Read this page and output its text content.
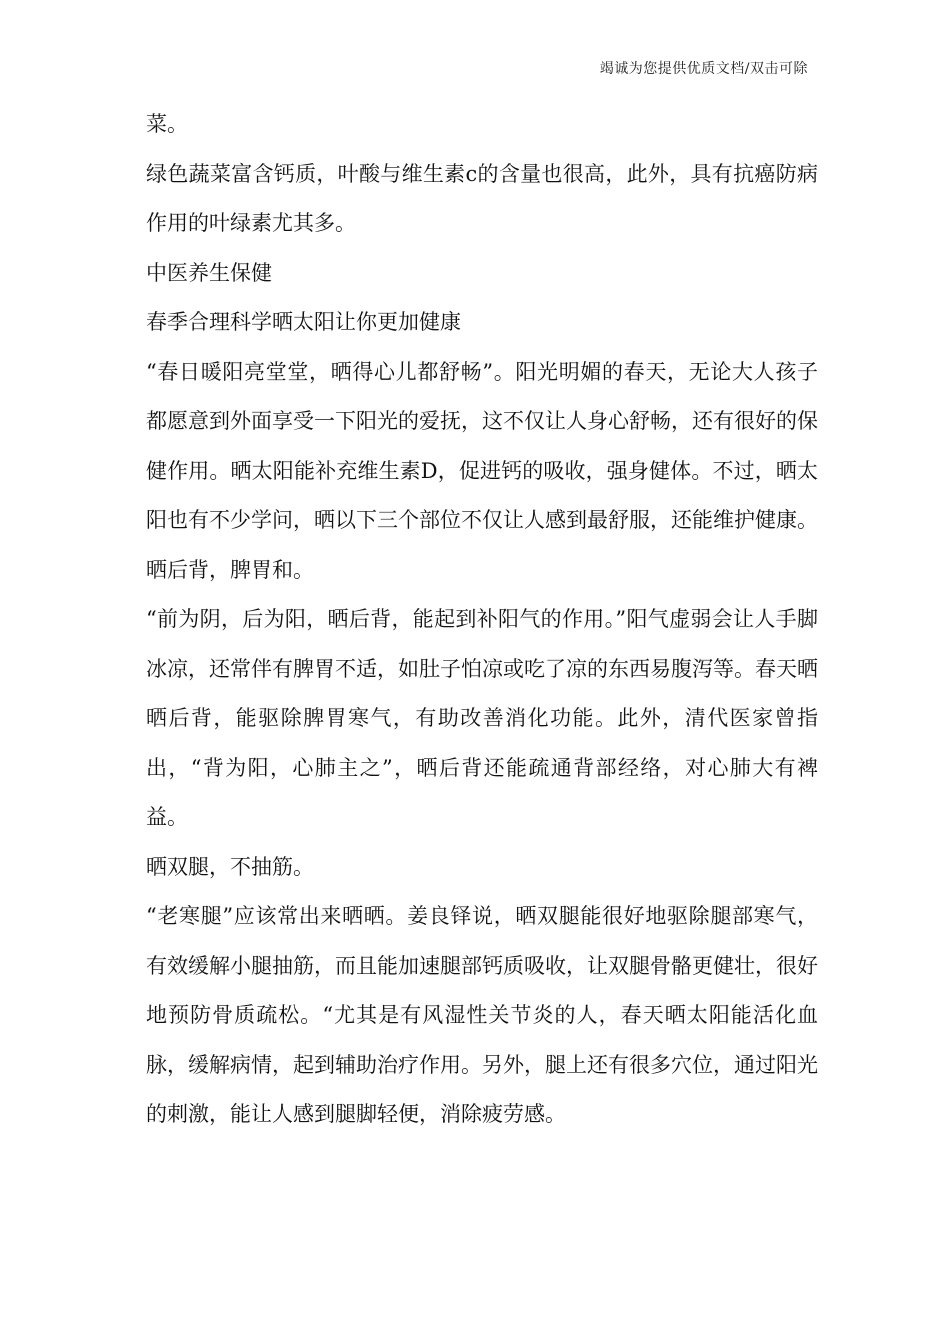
竭诚为您提供优质文档/双击可除

菜。

绿色蔬菜富含钙质，叶酸与维生素c的含量也很高，此外，具有抗癌防病作用的叶绿素尤其多。

中医养生保健

春季合理科学晒太阳让你更加健康

“春日暖阳亮堂堂，晒得心儿都舒畅”。阳光明媚的春天，无论大人孩子都愿意到外面享受一下阳光的爱抚，这不仅让人身心舒畅，还有很好的保健作用。晒太阳能补充维生素D，促进钙的吸收，强身健体。不过，晒太阳也有不少学问，晒以下三个部位不仅让人感到最舒服，还能维护健康。

晒后背，脾胃和。

“前为阴，后为阳，晒后背，能起到补阳气的作用。”阳气虚弱会让人手脚冰凉，还常伴有脾胃不适，如肚子怕凉或吃了凉的东西易腹泻等。春天晒晒后背，能驱除脾胃寒气，有助改善消化功能。此外，清代医家曾指出，“背为阳，心肺主之”，晒后背还能疏通背部经络，对心肺大有裨益。

晒双腿，不抽筋。

“老寒腿”应该常出来晒晒。姜良铎说，晒双腿能很好地驱除腿部寒气，有效缓解小腿抽筋，而且能加速腿部钙质吸收，让双腿骨骼更健壮，很好地预防骨质疏松。“尤其是有风湿性关节炎的人，春天晒太阳能活化血脉，缓解病情，起到辅助治疗作用。另外，腿上还有很多穴位，通过阳光的刺激，能让人感到腿脚轻便，消除疲劳感。
